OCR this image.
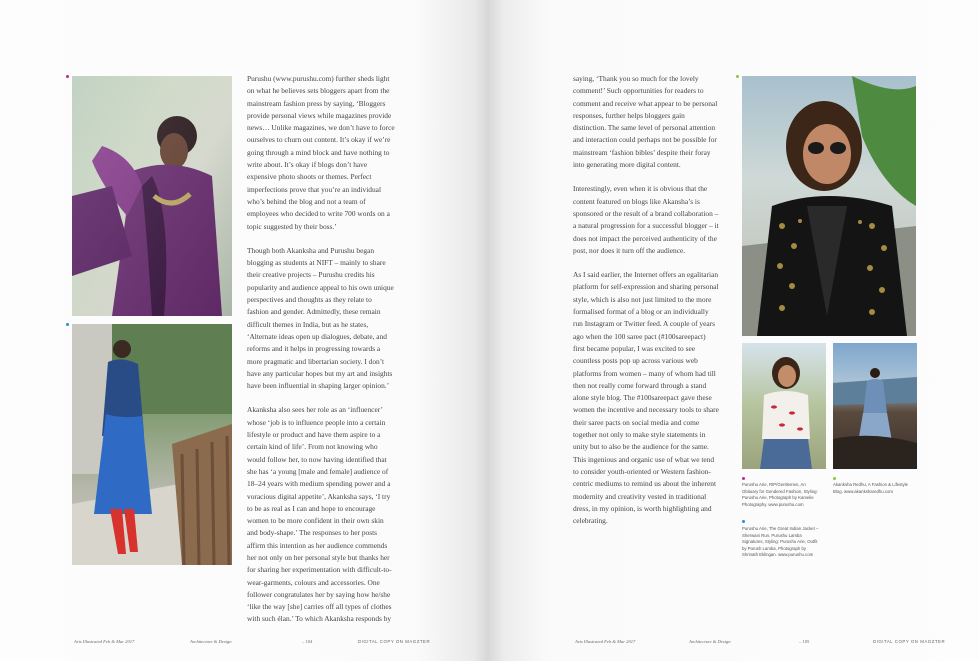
Purushu (www.purushu.com) further sheds light on what he believes sets bloggers apart from the mainstream fashion press by saying, ‘Bloggers provide personal views while magazines provide news… Unlike magazines, we don’t have to force ourselves to churn out content. It’s okay if we’re going through a mind block and have nothing to write about. It’s okay if blogs don’t have expensive photo shoots or themes. Perfect imperfections prove that you’re an individual who’s behind the blog and not a team of employees who decided to write 700 words on a topic suggested by their boss.’

Though both Akanksha and Purushu began blogging as students at NIFT – mainly to share their creative projects – Purushu credits his popularity and audience appeal to his own unique perspectives and thoughts as they relate to fashion and gender. Admittedly, these remain difficult themes in India, but as he states, ‘Alternate ideas open up dialogues, debate, and reforms and it helps in progressing towards a more pragmatic and libertarian society. I don’t have any particular hopes but my art and insights have been influential in shaping larger opinion.’

Akanksha also sees her role as an ‘influencer’ whose ‘job is to influence people into a certain lifestyle or product and have them aspire to a certain kind of life’. From not knowing who would follow her, to now having identified that she has ‘a young [male and female] audience of 18–24 years with medium spending power and a voracious digital appetite’, Akanksha says, ‘I try to be as real as I can and hope to encourage women to be more confident in their own skin and body-shape.’ The responses to her posts affirm this intention as her audience commends her not only on her personal style but thanks her for sharing her experimentation with difficult-to-wear-garments, colours and accessories. One follower congratulates her by saying how he/she ‘like the way [she] carries off all types of clothes with such élan.’ To which Akanksha responds by

Arts Illustrated Feb & Mar 2017	Architecture & Design	– 104	DIGITAL COPY ON MAGZTER

saying, ‘Thank you so much for the lovely comment!’ Such opportunities for readers to comment and receive what appear to be personal responses, further helps bloggers gain distinction. The same level of personal attention and interaction could perhaps not be possible for mainstream ‘fashion bibles’ despite their foray into generating more digital content.

Interestingly, even when it is obvious that the content featured on blogs like Akansha’s is sponsored or the result of a brand collaboration – a natural progression for a successful blogger – it does not impact the perceived authenticity of the post, nor does it turn off the audience.

As I said earlier, the Internet offers an egalitarian platform for self-expression and sharing personal style, which is also not just limited to the more formalised format of a blog or an individually run Instagram or Twitter feed. A couple of years ago when the 100 saree pact (#100sareepact) first became popular, I was excited to see countless posts pop up across various web platforms from women – many of whom had till then not really come forward through a stand alone style blog. The #100sareepact gave these women the incentive and necessary tools to share their saree pacts on social media and come together not only to make style statements in unity but to also be the audience for the same. This ingenious and organic use of what we tend to consider youth-oriented or Western fashion-centric mediums to remind us about the inherent modernity and creativity vested in traditional dress, in my opinion, is worth highlighting and celebrating.

Purushu Arie, RIP/Gentlemen, An Obituary for Gendered Fashion, Styling: Purushu Arie, Photograph by Kamelie Photography. www.purushu.com

Purushu Arie, The Great Indian Jacket – Sherwani Run. Purushu Lamba Signatures, Styling: Purushu Arie, Outfit by Purush Lamba, Photograph by Shrinath Eklingan. www.purushu.com

Akanksha Redhu, A Fashion & Lifestyle Blog. www.akanksharedhu.com

Arts Illustrated Feb & Mar 2017	Architecture & Design	– 105	DIGITAL COPY ON MAGZTER
